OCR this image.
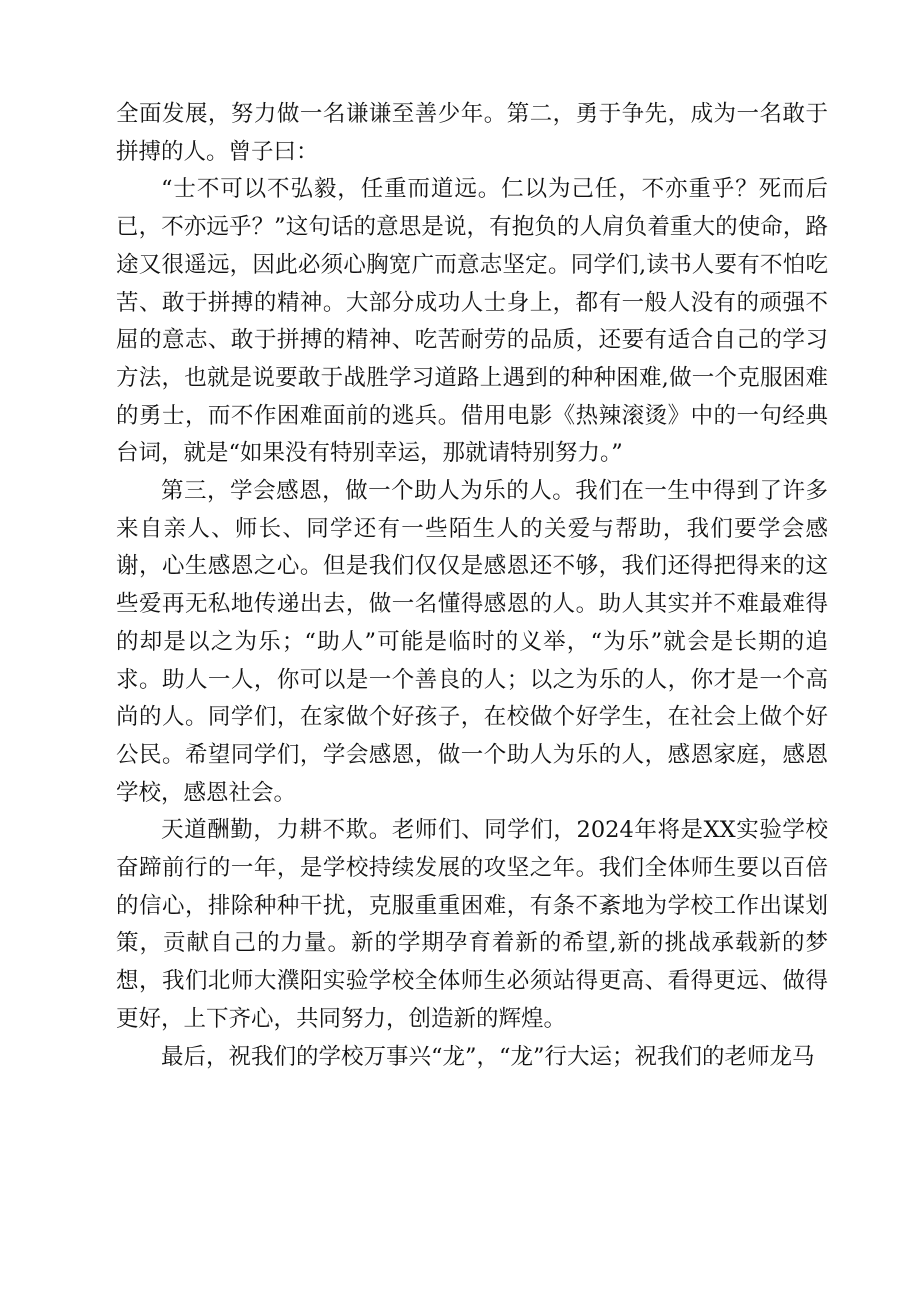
全面发展，努力做一名谦谦至善少年。第二，勇于争先，成为一名敢于拼搏的人。曾子曰：

“士不可以不弘毅，任重而道远。仁以为己任，不亦重乎？死而后已，不亦远乎？”这句话的意思是说，有抱负的人肩负着重大的使命，路途又很遥远，因此必须心胸宽广而意志坚定。同学们,读书人要有不怕吃苦、敢于拼搏的精神。大部分成功人士身上，都有一般人没有的顽强不屈的意志、敢于拼搏的精神、吃苦耐劳的品质，还要有适合自己的学习方法，也就是说要敢于战胜学习道路上遇到的种种困难,做一个克服困难的勇士，而不作困难面前的逃兵。借用电影《热辣滚烫》中的一句经典台词，就是“如果没有特别幸运，那就请特别努力。”

第三，学会感恩，做一个助人为乐的人。我们在一生中得到了许多来自亲人、师长、同学还有一些陌生人的关爱与帮助，我们要学会感谢，心生感恩之心。但是我们仅仅是感恩还不够，我们还得把得来的这些爱再无私地传递出去，做一名懂得感恩的人。助人其实并不难最难得的却是以之为乐；“助人”可能是临时的义举，“为乐”就会是长期的追求。助人一人，你可以是一个善良的人；以之为乐的人，你才是一个高尚的人。同学们，在家做个好孩子，在校做个好学生，在社会上做个好公民。希望同学们，学会感恩，做一个助人为乐的人，感恩家庭，感恩学校，感恩社会。

天道酬勤，力耕不欺。老师们、同学们，2024年将是XX实验学校奋蹄前行的一年，是学校持续发展的攻坚之年。我们全体师生要以百倍的信心，排除种种干扰，克服重重困难，有条不紊地为学校工作出谋划策，贡献自己的力量。新的学期孕育着新的希望,新的挑战承载新的梦想，我们北师大濮阳实验学校全体师生必须站得更高、看得更远、做得更好，上下齐心，共同努力，创造新的辉煌。

最后，祝我们的学校万事兴“龙”，“龙”行大运；祝我们的老师龙马
